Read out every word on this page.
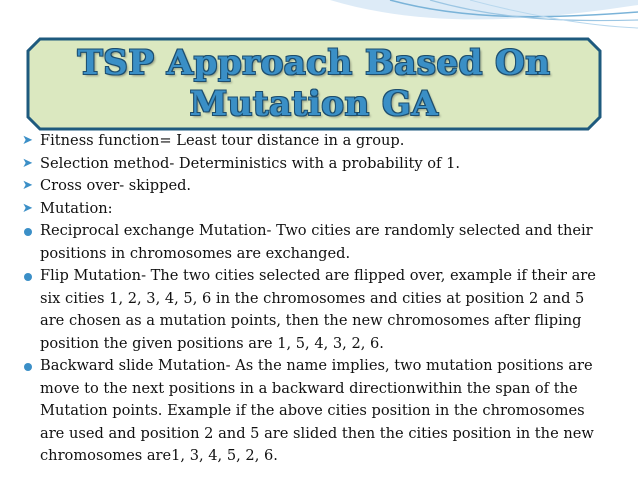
TSP Approach Based On
Mutation GA
➤ Fitness function= Least tour distance in a group.
➤ Selection method- Deterministics with a probability of 1.
➤ Cross over- skipped.
➤ Mutation:
Reciprocal exchange Mutation- Two cities are randomly selected and their positions in chromosomes are exchanged.
Flip Mutation- The two cities selected are flipped over, example if their are six cities 1, 2, 3, 4, 5, 6 in the chromosomes and cities at position 2 and 5 are chosen as a mutation points, then the new chromosomes after fliping position the given positions are 1, 5, 4, 3, 2, 6.
Backward slide Mutation- As the name implies, two mutation positions are move to the next positions in a backward directionwithin the span of the Mutation points. Example if the above cities position in the chromosomes are used and position 2 and 5 are slided then the cities position in the new chromosomes are1, 3, 4, 5, 2, 6.
